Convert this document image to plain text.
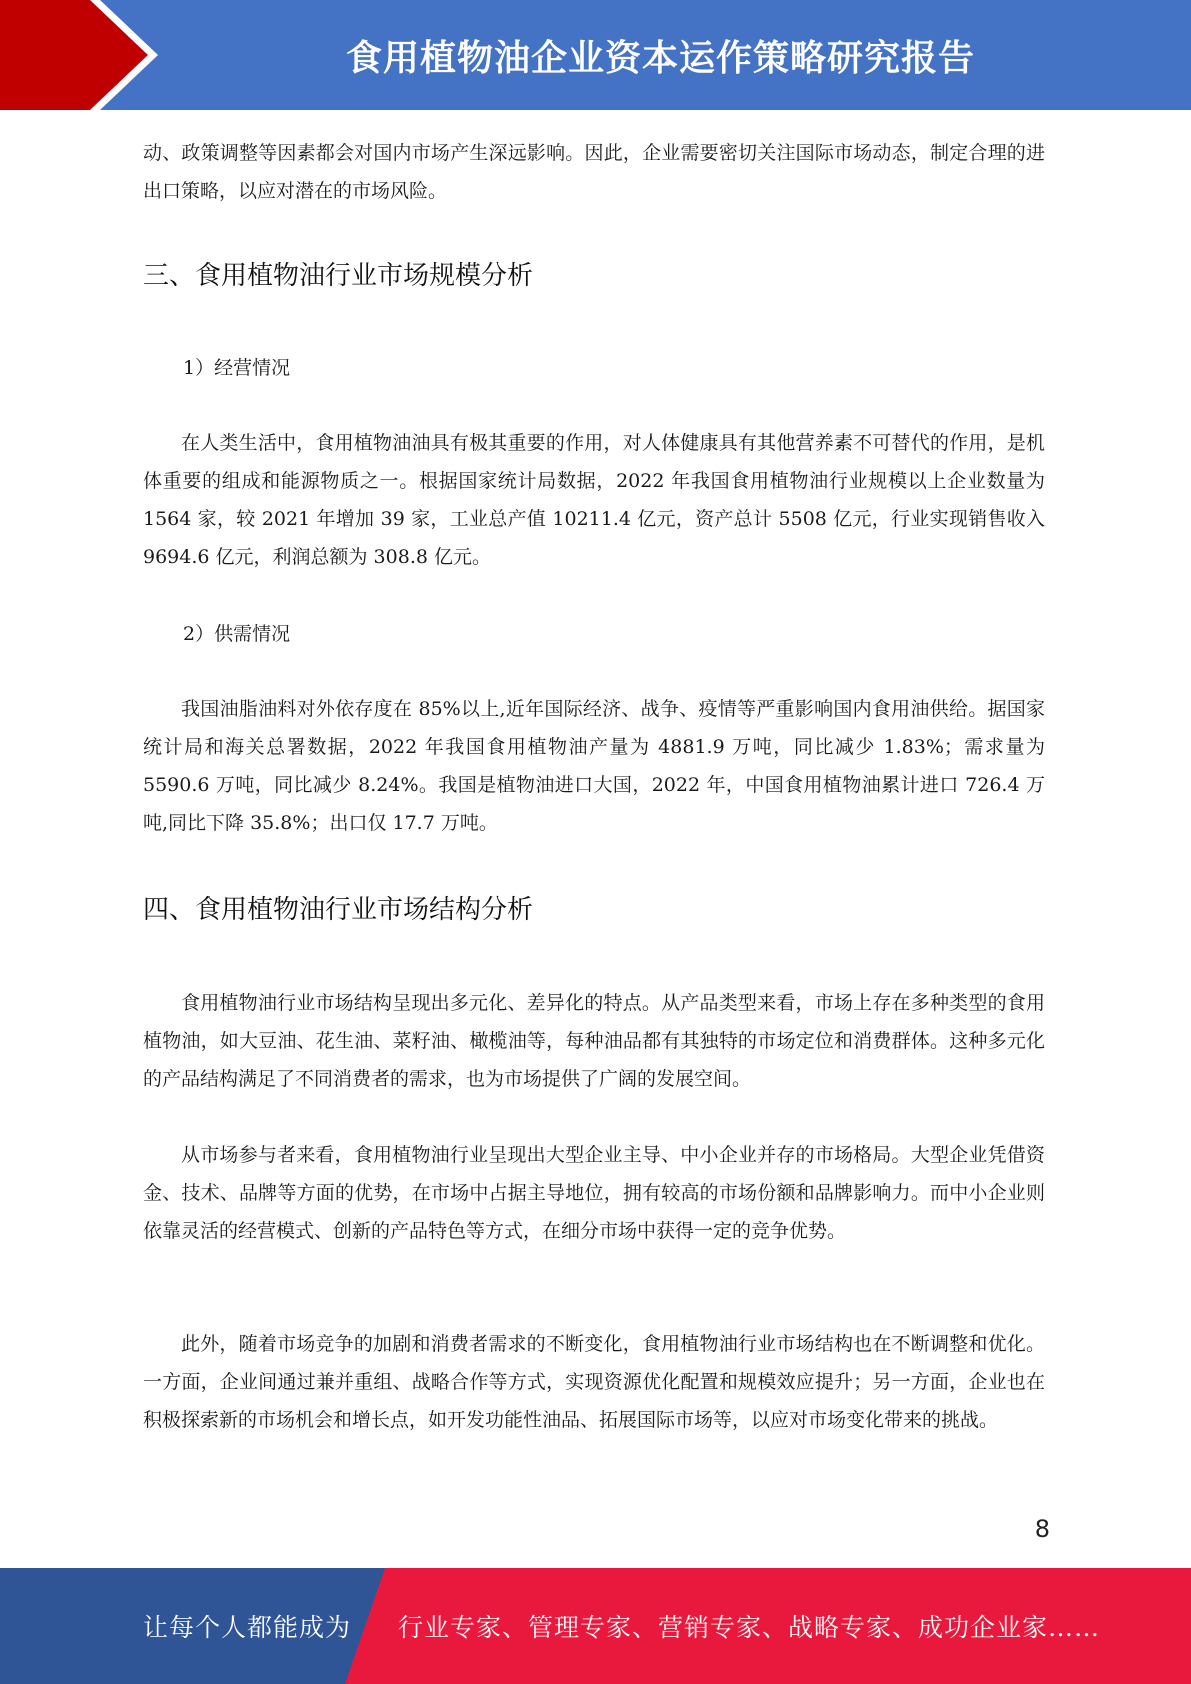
食用植物油企业资本运作策略研究报告

动、政策调整等因素都会对国内市场产生深远影响。因此，企业需要密切关注国际市场动态，制定合理的进出口策略，以应对潜在的市场风险。

三、食用植物油行业市场规模分析

1）经营情况

在人类生活中，食用植物油油具有极其重要的作用，对人体健康具有其他营养素不可替代的作用，是机体重要的组成和能源物质之一。根据国家统计局数据，2022 年我国食用植物油行业规模以上企业数量为 1564 家，较 2021 年增加 39 家，工业总产值 10211.4 亿元，资产总计 5508 亿元，行业实现销售收入 9694.6 亿元，利润总额为 308.8 亿元。

2）供需情况

我国油脂油料对外依存度在 85%以上,近年国际经济、战争、疫情等严重影响国内食用油供给。据国家统计局和海关总署数据，2022 年我国食用植物油产量为 4881.9 万吨，同比减少 1.83%；需求量为 5590.6 万吨，同比减少 8.24%。我国是植物油进口大国，2022 年，中国食用植物油累计进口 726.4 万吨,同比下降 35.8%；出口仅 17.7 万吨。

四、食用植物油行业市场结构分析

食用植物油行业市场结构呈现出多元化、差异化的特点。从产品类型来看，市场上存在多种类型的食用植物油，如大豆油、花生油、菜籽油、橄榄油等，每种油品都有其独特的市场定位和消费群体。这种多元化的产品结构满足了不同消费者的需求，也为市场提供了广阔的发展空间。

从市场参与者来看，食用植物油行业呈现出大型企业主导、中小企业并存的市场格局。大型企业凭借资金、技术、品牌等方面的优势，在市场中占据主导地位，拥有较高的市场份额和品牌影响力。而中小企业则依靠灵活的经营模式、创新的产品特色等方式，在细分市场中获得一定的竞争优势。

此外，随着市场竞争的加剧和消费者需求的不断变化，食用植物油行业市场结构也在不断调整和优化。一方面，企业间通过兼并重组、战略合作等方式，实现资源优化配置和规模效应提升；另一方面，企业也在积极探索新的市场机会和增长点，如开发功能性油品、拓展国际市场等，以应对市场变化带来的挑战。

8
让每个人都能成为 行业专家、管理专家、营销专家、战略专家、成功企业家……
